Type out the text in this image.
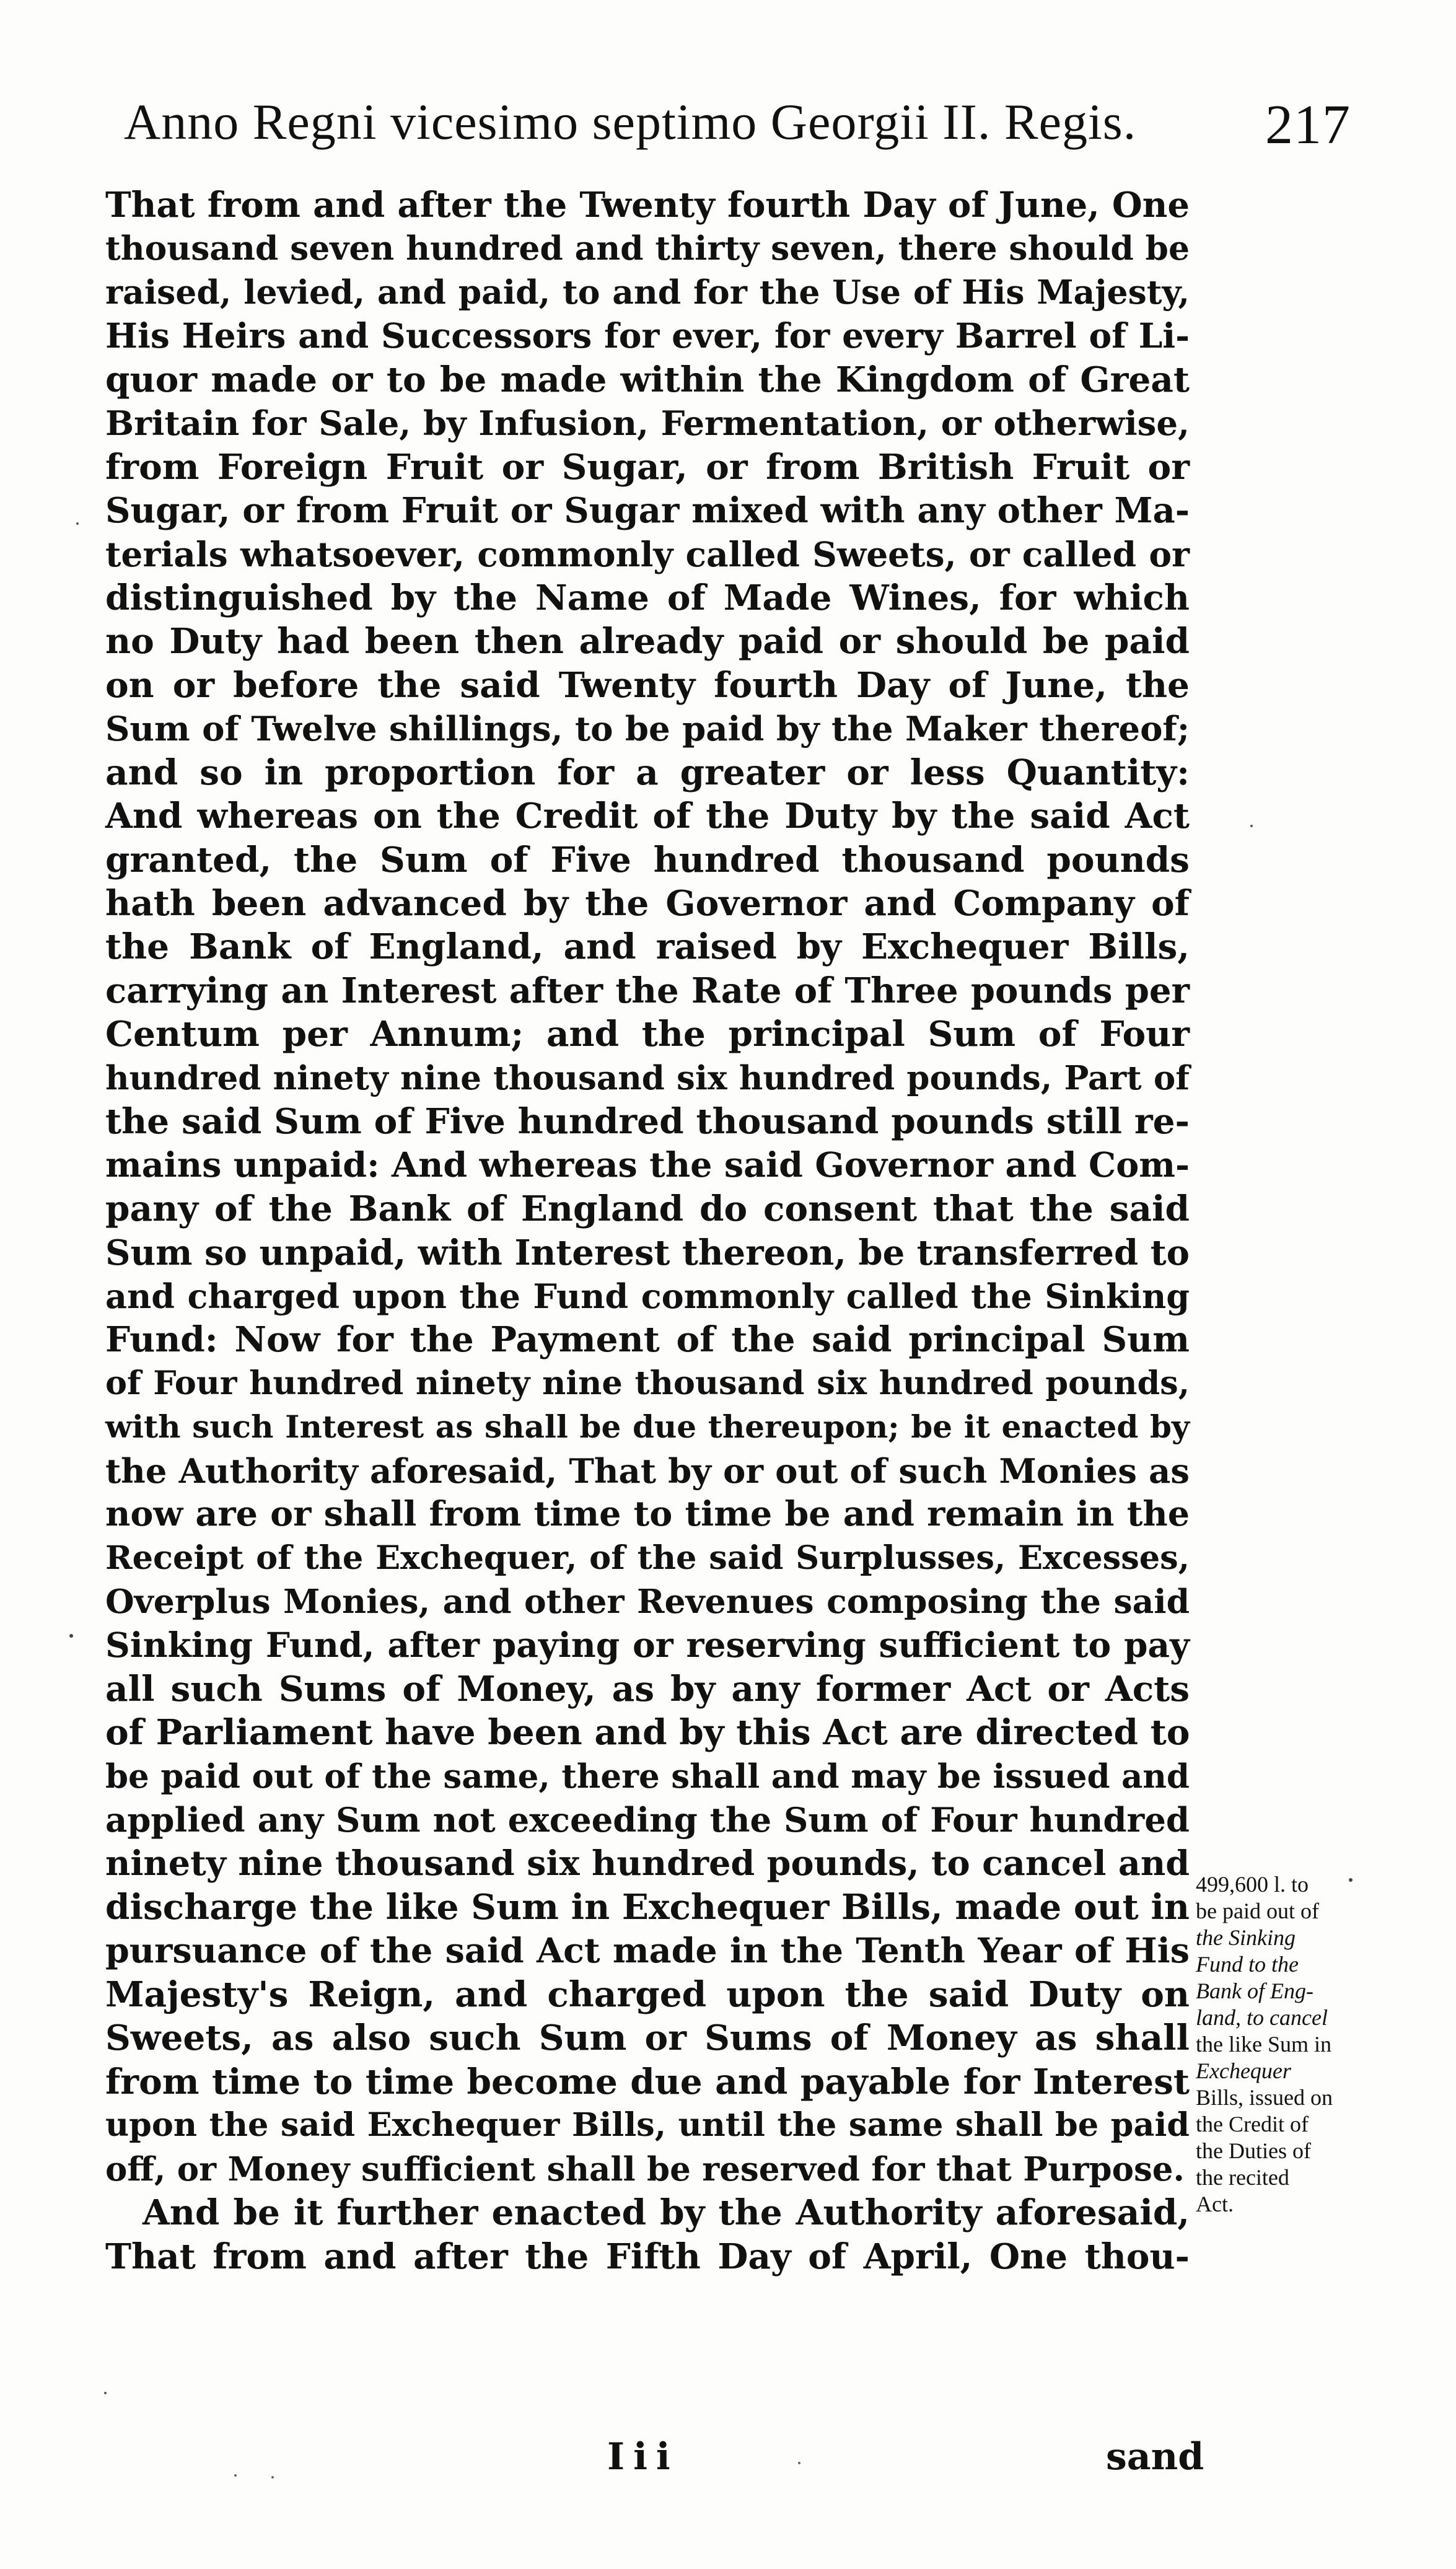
Anno Regni vicesimo septimo Georgii II. Regis. 217
That from and after the Twenty fourth Day of June, One
thousand seven hundred and thirty seven, there should be
raised, levied, and paid, to and for the Use of His Majesty,
His Heirs and Successors for ever, for every Barrel of Li-
quor made or to be made within the Kingdom of Great
Britain for Sale, by Infusion, Fermentation, or otherwise,
from Foreign Fruit or Sugar, or from British Fruit or
Sugar, or from Fruit or Sugar mixed with any other Ma-
terials whatsoever, commonly called Sweets, or called or
distinguished by the Name of Made Wines, for which
no Duty had been then already paid or should be paid
on or before the said Twenty fourth Day of June, the
Sum of Twelve shillings, to be paid by the Maker thereof;
and so in proportion for a greater or less Quantity:
And whereas on the Credit of the Duty by the said Act
granted, the Sum of Five hundred thousand pounds
hath been advanced by the Governor and Company of
the Bank of England, and raised by Exchequer Bills,
carrying an Interest after the Rate of Three pounds per
Centum per Annum; and the principal Sum of Four
hundred ninety nine thousand six hundred pounds, Part of
the said Sum of Five hundred thousand pounds still re-
mains unpaid: And whereas the said Governor and Com-
pany of the Bank of England do consent that the said
Sum so unpaid, with Interest thereon, be transferred to
and charged upon the Fund commonly called the Sinking
Fund: Now for the Payment of the said principal Sum
of Four hundred ninety nine thousand six hundred pounds,
with such Interest as shall be due thereupon; be it enacted by
the Authority aforesaid, That by or out of such Monies as
now are or shall from time to time be and remain in the
Receipt of the Exchequer, of the said Surplusses, Excesses,
Overplus Monies, and other Revenues composing the said
Sinking Fund, after paying or reserving sufficient to pay
all such Sums of Money, as by any former Act or Acts
of Parliament have been and by this Act are directed to
be paid out of the same, there shall and may be issued and
applied any Sum not exceeding the Sum of Four hundred
ninety nine thousand six hundred pounds, to cancel and
discharge the like Sum in Exchequer Bills, made out in
pursuance of the said Act made in the Tenth Year of His
Majesty's Reign, and charged upon the said Duty on
Sweets, as also such Sum or Sums of Money as shall
from time to time become due and payable for Interest
upon the said Exchequer Bills, until the same shall be paid
off, or Money sufficient shall be reserved for that Purpose.
And be it further enacted by the Authority aforesaid,
That from and after the Fifth Day of April, One thou-
499,600 l. to
be paid out of
the Sinking
Fund to the
Bank of Eng-
land, to cancel
the like Sum in
Exchequer
Bills, issued on
the Credit of
the Duties of
the recited
Act.
Iii	sand
